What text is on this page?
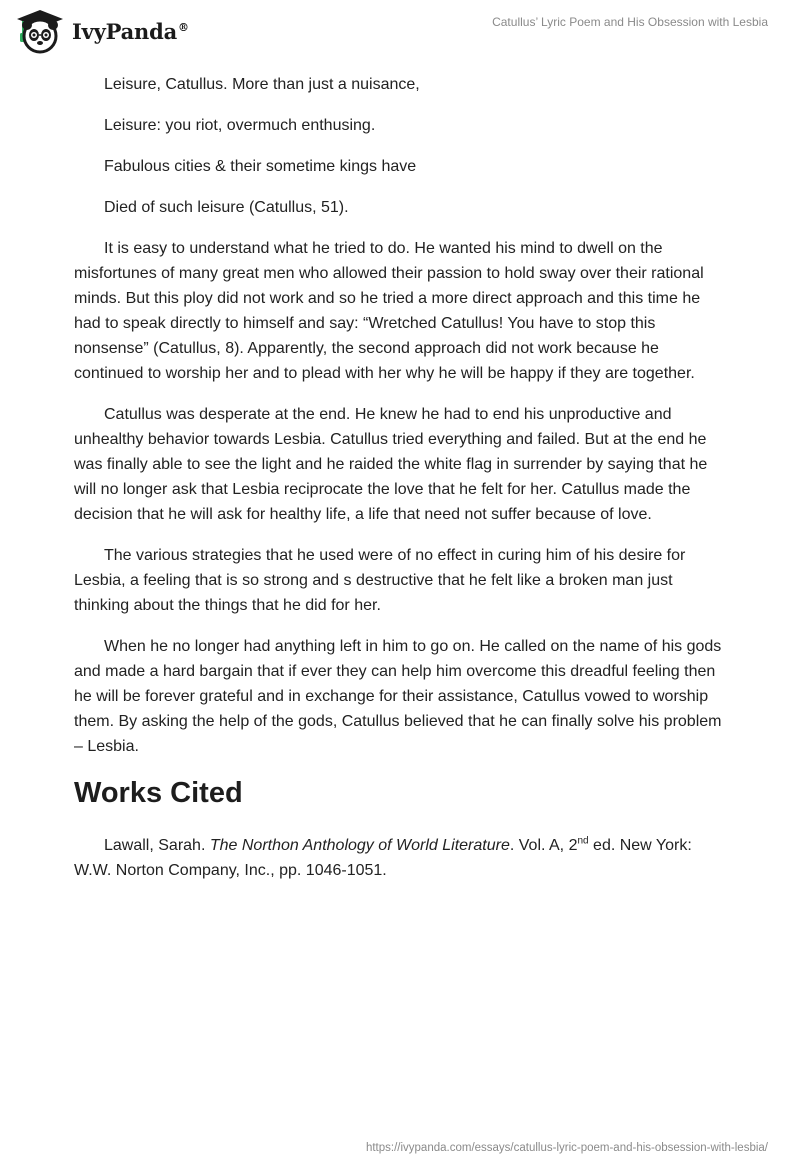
IvyPanda®	Catullus’ Lyric Poem and His Obsession with Lesbia

Leisure, Catullus. More than just a nuisance,

Leisure: you riot, overmuch enthusing.

Fabulous cities & their sometime kings have

Died of such leisure (Catullus, 51).

It is easy to understand what he tried to do. He wanted his mind to dwell on the misfortunes of many great men who allowed their passion to hold sway over their rational minds. But this ploy did not work and so he tried a more direct approach and this time he had to speak directly to himself and say: “Wretched Catullus! You have to stop this nonsense” (Catullus, 8). Apparently, the second approach did not work because he continued to worship her and to plead with her why he will be happy if they are together.

Catullus was desperate at the end. He knew he had to end his unproductive and unhealthy behavior towards Lesbia. Catullus tried everything and failed. But at the end he was finally able to see the light and he raided the white flag in surrender by saying that he will no longer ask that Lesbia reciprocate the love that he felt for her. Catullus made the decision that he will ask for healthy life, a life that need not suffer because of love.

The various strategies that he used were of no effect in curing him of his desire for Lesbia, a feeling that is so strong and s destructive that he felt like a broken man just thinking about the things that he did for her.

When he no longer had anything left in him to go on. He called on the name of his gods and made a hard bargain that if ever they can help him overcome this dreadful feeling then he will be forever grateful and in exchange for their assistance, Catullus vowed to worship them. By asking the help of the gods, Catullus believed that he can finally solve his problem – Lesbia.

Works Cited

Lawall, Sarah. The Northon Anthology of World Literature. Vol. A, 2nd ed. New York: W.W. Norton Company, Inc., pp. 1046-1051.

https://ivypanda.com/essays/catullus-lyric-poem-and-his-obsession-with-lesbia/
